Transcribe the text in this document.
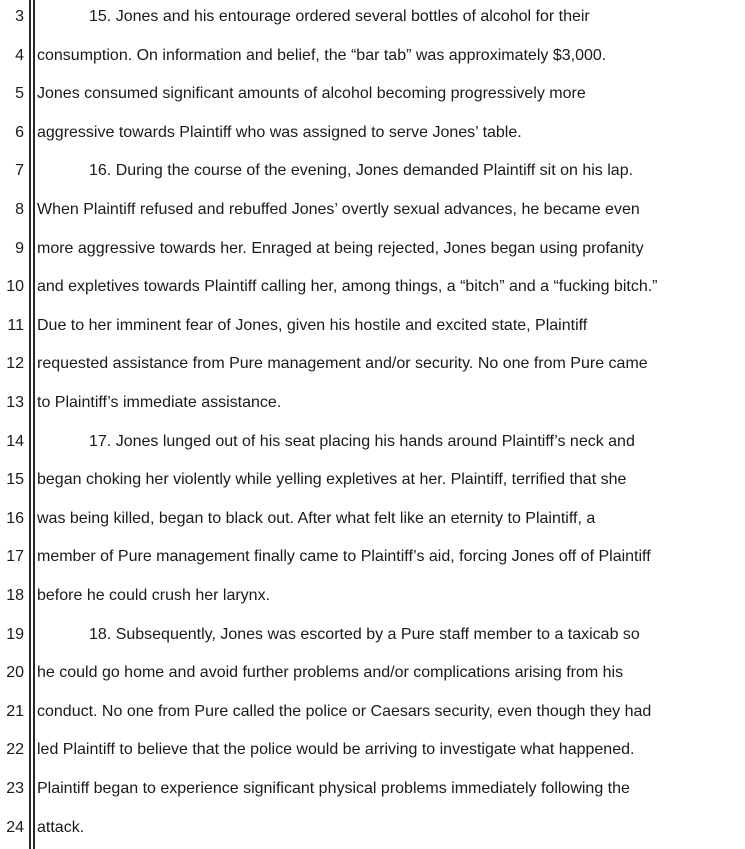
3	15. Jones and his entourage ordered several bottles of alcohol for their
4 consumption. On information and belief, the “bar tab” was approximately $3,000.
5 Jones consumed significant amounts of alcohol becoming progressively more
6 aggressive towards Plaintiff who was assigned to serve Jones’ table.
7	16. During the course of the evening, Jones demanded Plaintiff sit on his lap.
8 When Plaintiff refused and rebuffed Jones’ overtly sexual advances, he became even
9 more aggressive towards her. Enraged at being rejected, Jones began using profanity
10 and expletives towards Plaintiff calling her, among things, a “bitch” and a “fucking bitch.”
11 Due to her imminent fear of Jones, given his hostile and excited state, Plaintiff
12 requested assistance from Pure management and/or security. No one from Pure came
13 to Plaintiff’s immediate assistance.
14	17. Jones lunged out of his seat placing his hands around Plaintiff’s neck and
15 began choking her violently while yelling expletives at her. Plaintiff, terrified that she
16 was being killed, began to black out. After what felt like an eternity to Plaintiff, a
17 member of Pure management finally came to Plaintiff’s aid, forcing Jones off of Plaintiff
18 before he could crush her larynx.
19	18. Subsequently, Jones was escorted by a Pure staff member to a taxicab so
20 he could go home and avoid further problems and/or complications arising from his
21 conduct. No one from Pure called the police or Caesars security, even though they had
22 led Plaintiff to believe that the police would be arriving to investigate what happened.
23 Plaintiff began to experience significant physical problems immediately following the
24 attack.
